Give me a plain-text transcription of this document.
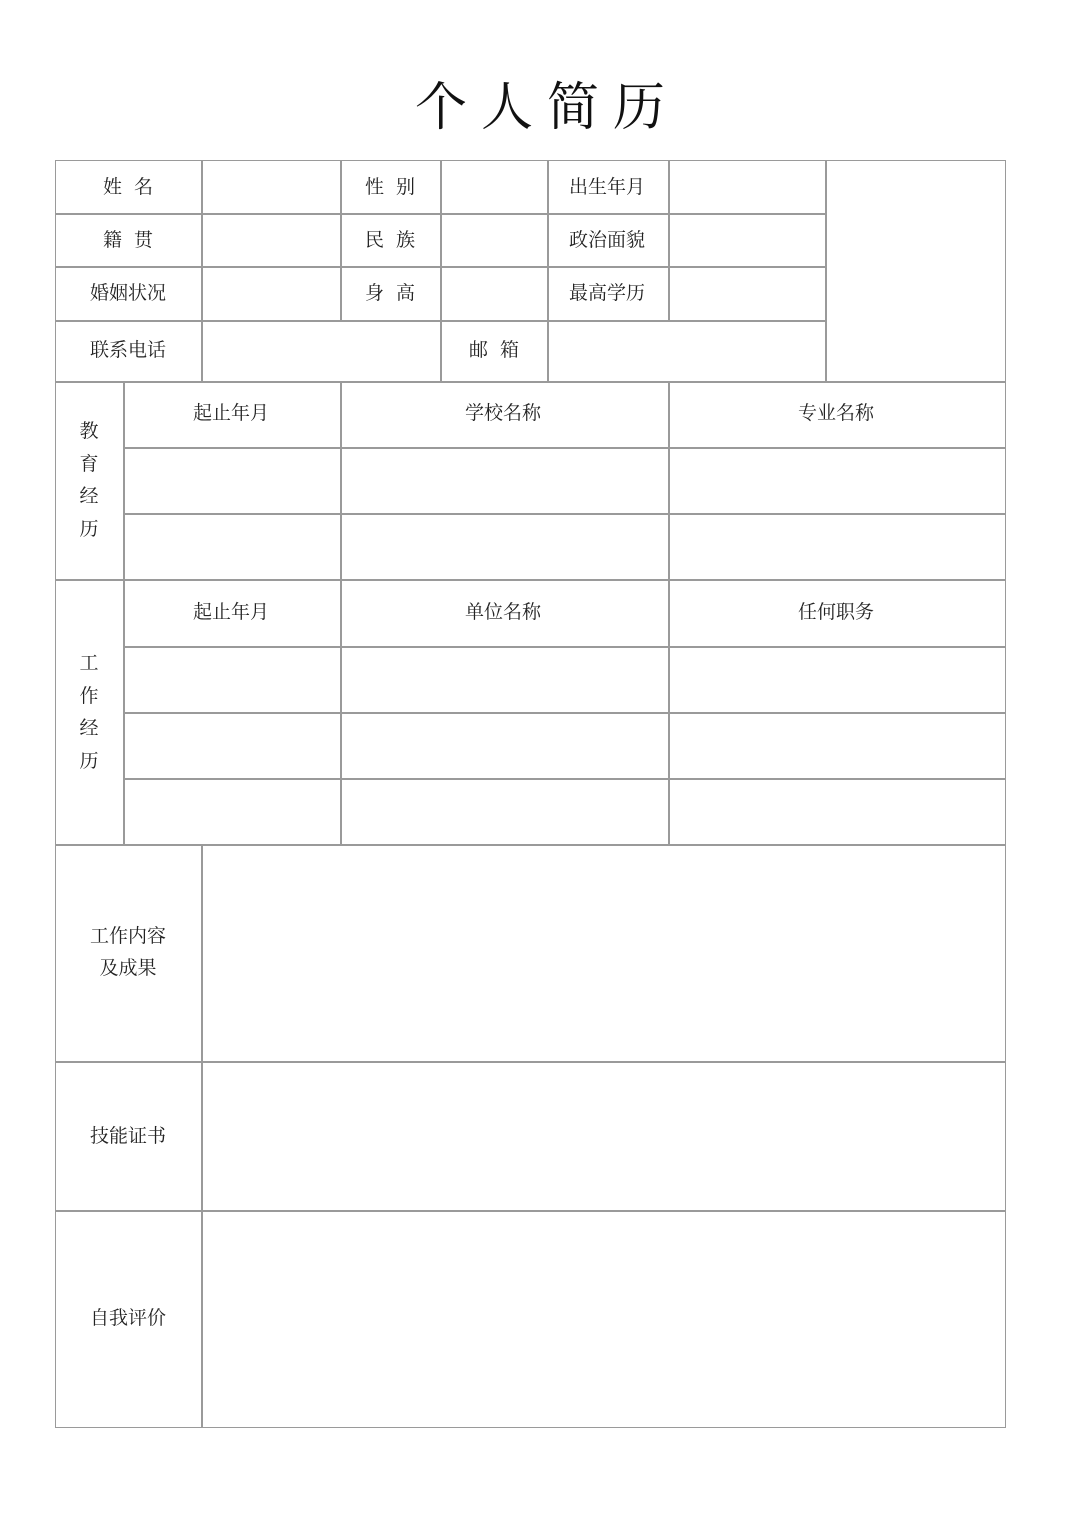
个人简历
姓  名	性  别	出生年月
籍  贯	民  族	政治面貌
婚姻状况	身  高	最高学历
联系电话	邮  箱
教育经历
起止年月	学校名称	专业名称
工作经历
起止年月	单位名称	任何职务
工作内容及成果
技能证书
自我评价
